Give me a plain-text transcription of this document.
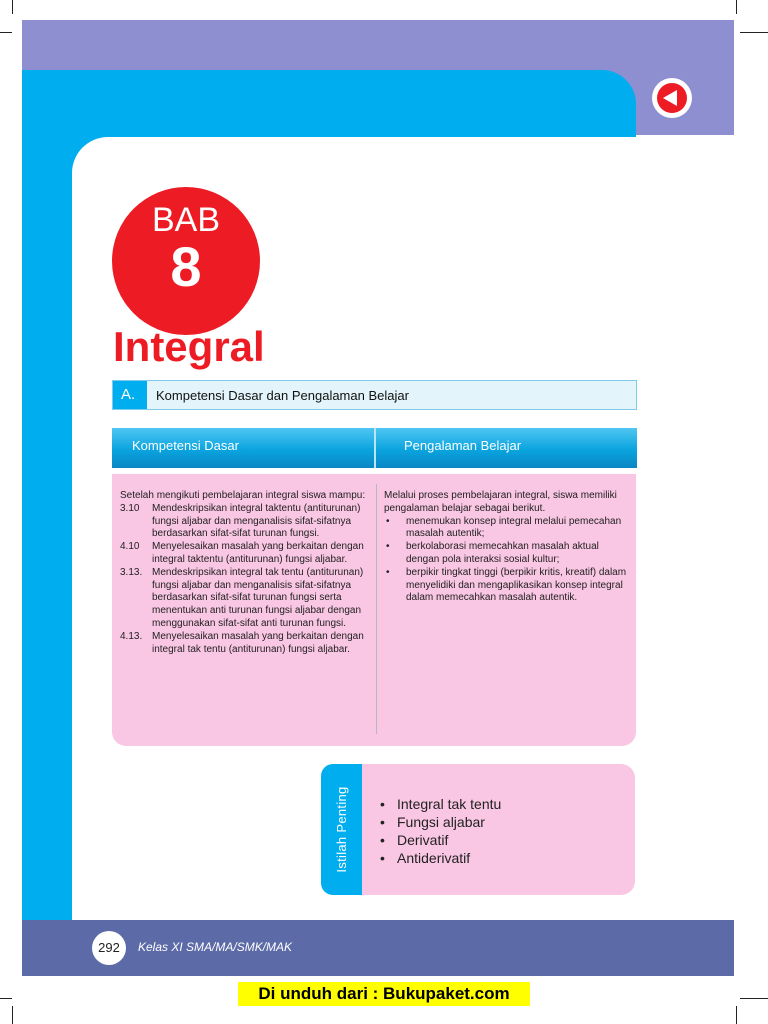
BAB
8
Integral
A.	Kompetensi Dasar dan Pengalaman Belajar
Kompetensi Dasar	Pengalaman Belajar
Setelah mengikuti pembelajaran integral siswa mampu:
3.10 Mendeskripsikan integral taktentu (antiturunan) fungsi aljabar dan menganalisis sifat-sifatnya berdasarkan sifat-sifat turunan fungsi.
4.10 Menyelesaikan masalah yang berkaitan dengan integral taktentu (antiturunan) fungsi aljabar.
3.13. Mendeskripsikan integral tak tentu (antiturunan) fungsi aljabar dan menganalisis sifat-sifatnya berdasarkan sifat-sifat turunan fungsi serta menentukan anti turunan fungsi aljabar dengan menggunakan sifat-sifat anti turunan fungsi.
4.13. Menyelesaikan masalah yang berkaitan dengan integral tak tentu (antiturunan) fungsi aljabar.
Melalui proses pembelajaran integral, siswa memiliki pengalaman belajar sebagai berikut.
• menemukan konsep integral melalui pemecahan masalah autentik;
• berkolaborasi memecahkan masalah aktual dengan pola interaksi sosial kultur;
• berpikir tingkat tinggi (berpikir kritis, kreatif) dalam menyelidiki dan mengaplikasikan konsep integral dalam memecahkan masalah autentik.
Istilah Penting	• Integral tak tentu
• Fungsi aljabar
• Derivatif
• Antiderivatif
292	Kelas XI SMA/MA/SMK/MAK
Di unduh dari : Bukupaket.com
